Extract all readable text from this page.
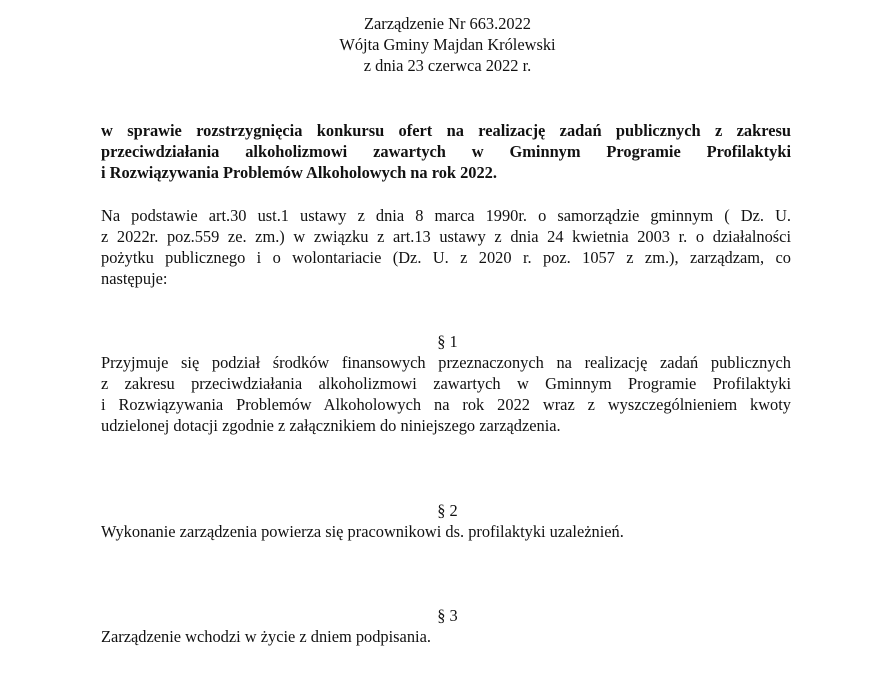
Zarządzenie Nr 663.2022
Wójta Gminy Majdan Królewski
z dnia 23 czerwca 2022 r.
w sprawie rozstrzygnięcia konkursu ofert na realizację zadań publicznych z zakresu
przeciwdziałania alkoholizmowi zawartych w Gminnym Programie Profilaktyki
i Rozwiązywania Problemów Alkoholowych na rok 2022.
Na podstawie art.30 ust.1 ustawy z dnia 8 marca 1990r. o samorządzie gminnym ( Dz. U.
z 2022r. poz.559 ze. zm.) w związku z art.13 ustawy z dnia 24 kwietnia 2003 r. o działalności
pożytku publicznego i o wolontariacie (Dz. U. z 2020 r. poz. 1057 z zm.), zarządzam, co
następuje:
§ 1
Przyjmuje się podział środków finansowych przeznaczonych na realizację zadań publicznych
z zakresu przeciwdziałania alkoholizmowi zawartych w Gminnym Programie Profilaktyki
i Rozwiązywania Problemów Alkoholowych na rok 2022 wraz z wyszczególnieniem kwoty
udzielonej dotacji zgodnie z załącznikiem do niniejszego zarządzenia.
§ 2
Wykonanie zarządzenia powierza się pracownikowi ds. profilaktyki uzależnień.
§ 3
Zarządzenie wchodzi w życie z dniem podpisania.
